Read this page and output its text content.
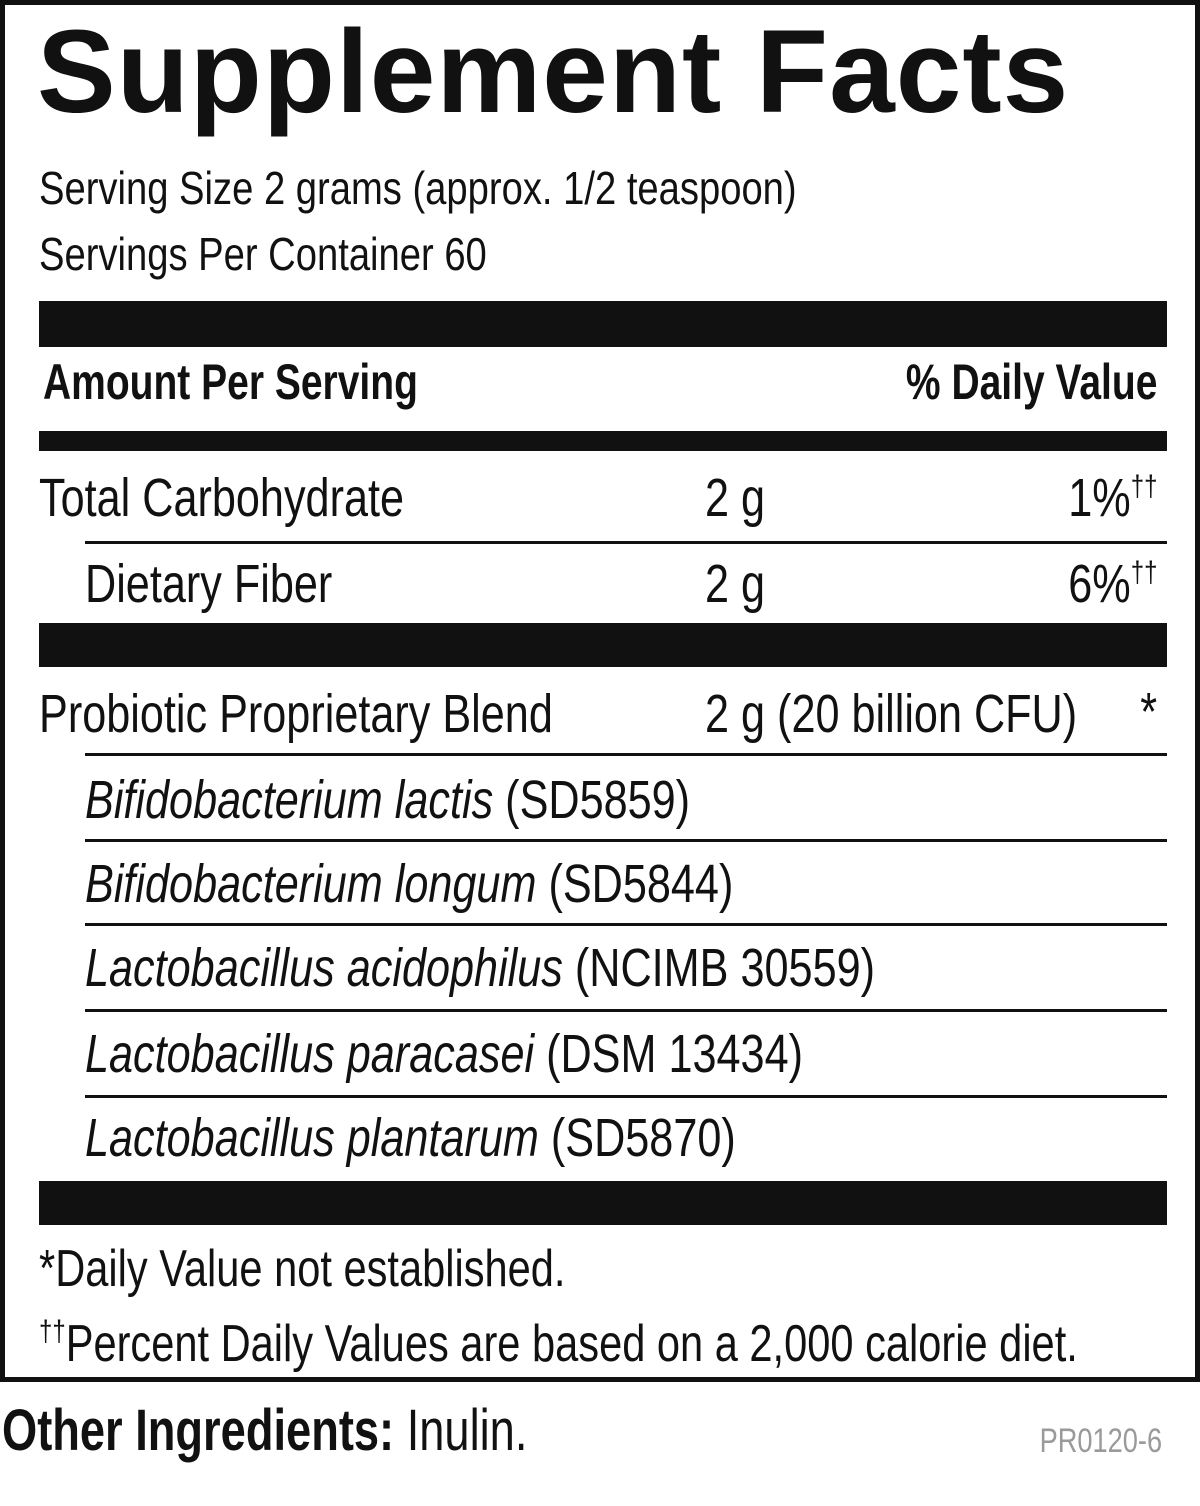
Supplement Facts
Serving Size 2 grams (approx. 1/2 teaspoon)
Servings Per Container 60
Amount Per Serving	% Daily Value
Total Carbohydrate	2 g	1%††
Dietary Fiber	2 g	6%††
Probiotic Proprietary Blend	2 g (20 billion CFU) *
Bifidobacterium lactis (SD5859)
Bifidobacterium longum (SD5844)
Lactobacillus acidophilus (NCIMB 30559)
Lactobacillus paracasei (DSM 13434)
Lactobacillus plantarum (SD5870)
*Daily Value not established.
††Percent Daily Values are based on a 2,000 calorie diet.
Other Ingredients: Inulin.	PR0120-6
